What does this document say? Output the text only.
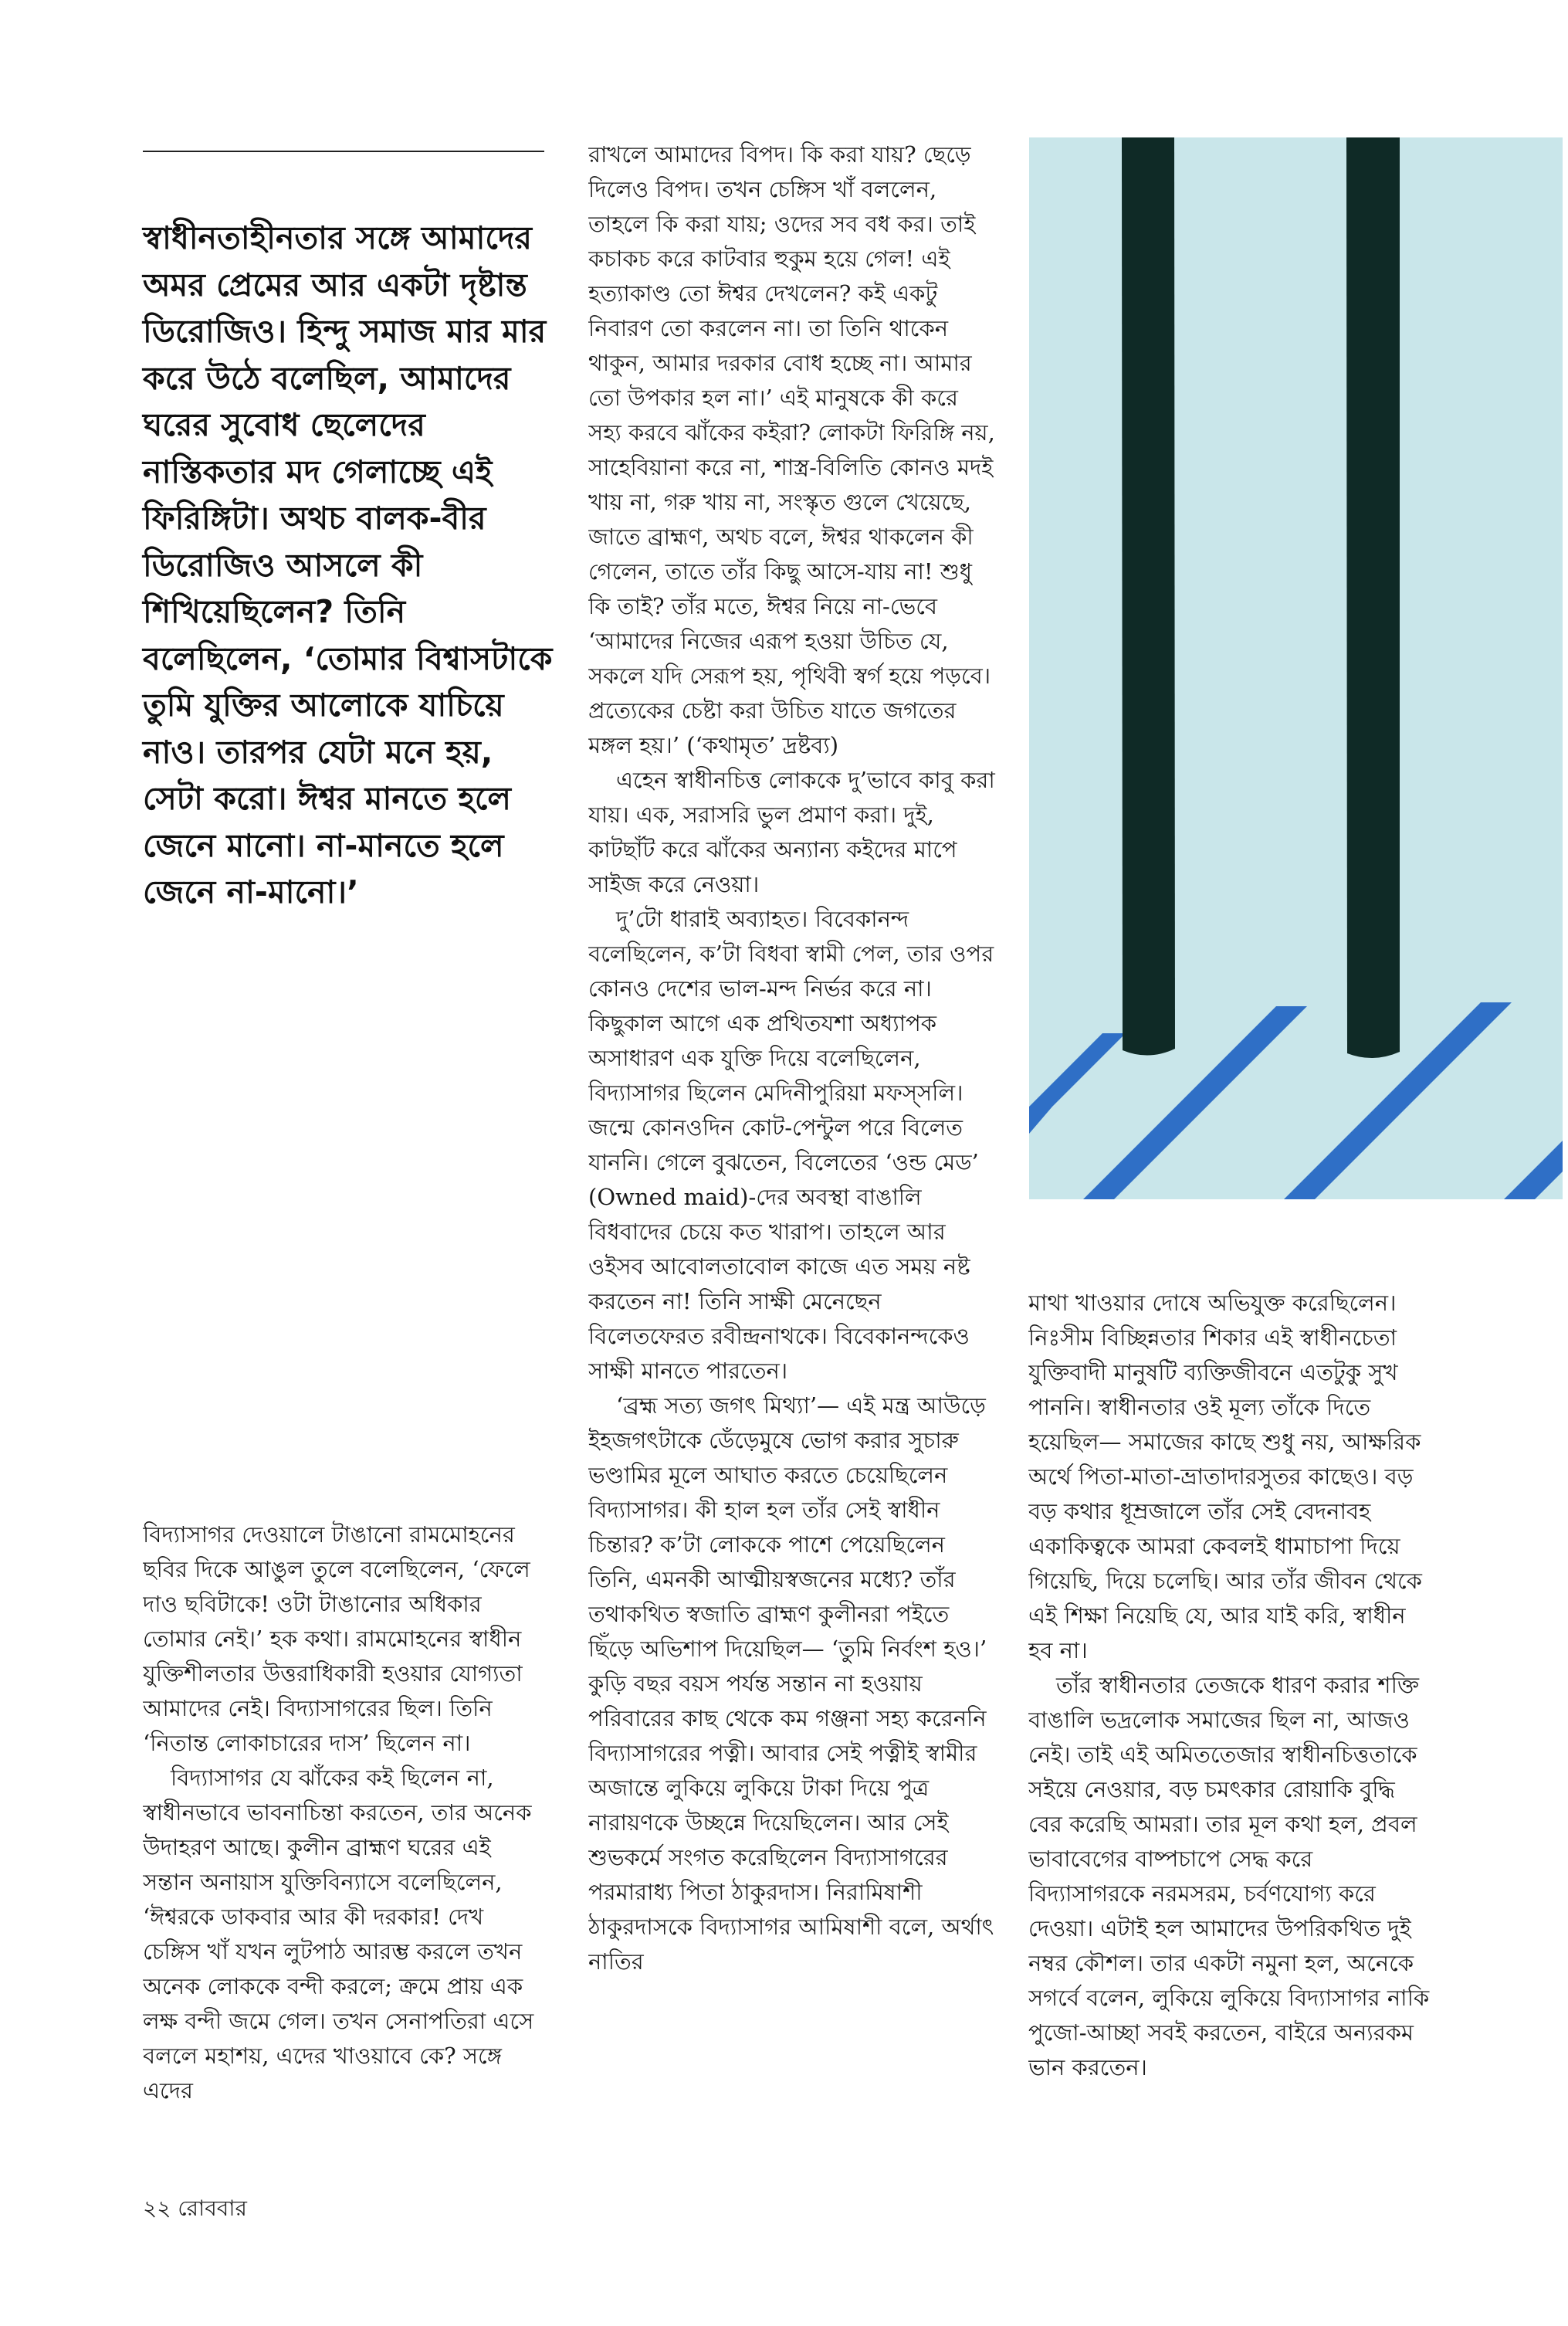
স্বাধীনতাহীনতার সঙ্গে আমাদের অমর প্রেমের আর একটা দৃষ্টান্ত ডিরোজিও। হিন্দু সমাজ মার মার করে উঠে বলেছিল, আমাদের ঘরের সুবোধ ছেলেদের নাস্তিকতার মদ গেলাচ্ছে এই ফিরিঙ্গিটা। অথচ বালক-বীর ডিরোজিও আসলে কী শিখিয়েছিলেন? তিনি বলেছিলেন, ‘তোমার বিশ্বাসটাকে তুমি যুক্তির আলোকে যাচিয়ে নাও। তারপর যেটা মনে হয়, সেটা করো। ঈশ্বর মানতে হলে জেনে মানো। না-মানতে হলে জেনে না-মানো।’

বিদ্যাসাগর দেওয়ালে টাঙানো রামমোহনের ছবির দিকে আঙুল তুলে বলেছিলেন, ‘ফেলে দাও ছবিটাকে! ওটা টাঙানোর অধিকার তোমার নেই।’ হক কথা। রামমোহনের স্বাধীন যুক্তিশীলতার উত্তরাধিকারী হওয়ার যোগ্যতা আমাদের নেই। বিদ্যাসাগরের ছিল। তিনি ‘নিতান্ত লোকাচারের দাস’ ছিলেন না।

বিদ্যাসাগর যে ঝাঁকের কই ছিলেন না, স্বাধীনভাবে ভাবনাচিন্তা করতেন, তার অনেক উদাহরণ আছে। কুলীন ব্রাহ্মণ ঘরের এই সন্তান অনায়াস যুক্তিবিন্যাসে বলেছিলেন, ‘ঈশ্বরকে ডাকবার আর কী দরকার! দেখ চেঙ্গিস খাঁ যখন লুটপাঠ আরম্ভ করলে তখন অনেক লোককে বন্দী করলে; ক্রমে প্রায় এক লক্ষ বন্দী জমে গেল। তখন সেনাপতিরা এসে বললে মহাশয়, এদের খাওয়াবে কে? সঙ্গে এদের

রাখলে আমাদের বিপদ। কি করা যায়? ছেড়ে দিলেও বিপদ। তখন চেঙ্গিস খাঁ বললেন, তাহলে কি করা যায়; ওদের সব বধ কর। তাই কচাকচ করে কাটবার হুকুম হয়ে গেল! এই হত্যাকাণ্ড তো ঈশ্বর দেখলেন? কই একটু নিবারণ তো করলেন না। তা তিনি থাকেন থাকুন, আমার দরকার বোধ হচ্ছে না। আমার তো উপকার হল না।’ এই মানুষকে কী করে সহ্য করবে ঝাঁকের কইরা? লোকটা ফিরিঙ্গি নয়, সাহেবিয়ানা করে না, শাস্ত্র-বিলিতি কোনও মদই খায় না, গরু খায় না, সংস্কৃত গুলে খেয়েছে, জাতে ব্রাহ্মণ, অথচ বলে, ঈশ্বর থাকলেন কী গেলেন, তাতে তাঁর কিছু আসে-যায় না! শুধু কি তাই? তাঁর মতে, ঈশ্বর নিয়ে না-ভেবে ‘আমাদের নিজের এরূপ হওয়া উচিত যে, সকলে যদি সেরূপ হয়, পৃথিবী স্বর্গ হয়ে পড়বে। প্রত্যেকের চেষ্টা করা উচিত যাতে জগতের মঙ্গল হয়।’ (‘কথামৃত’ দ্রষ্টব্য)

এহেন স্বাধীনচিত্ত লোককে দু’ভাবে কাবু করা যায়। এক, সরাসরি ভুল প্রমাণ করা। দুই, কাটছাঁট করে ঝাঁকের অন্যান্য কইদের মাপে সাইজ করে নেওয়া।

দু’টো ধারাই অব্যাহত। বিবেকানন্দ বলেছিলেন, ক’টা বিধবা স্বামী পেল, তার ওপর কোনও দেশের ভাল-মন্দ নির্ভর করে না। কিছুকাল আগে এক প্রথিতযশা অধ্যাপক অসাধারণ এক যুক্তি দিয়ে বলেছিলেন, বিদ্যাসাগর ছিলেন মেদিনীপুরিয়া মফস্সলি। জন্মে কোনওদিন কোট-পেন্টুল পরে বিলেত যাননি। গেলে বুঝতেন, বিলেতের ‘ওন্ড মেড’ (Owned maid)-দের অবস্থা বাঙালি বিধবাদের চেয়ে কত খারাপ। তাহলে আর ওইসব আবোলতাবোল কাজে এত সময় নষ্ট করতেন না! তিনি সাক্ষী মেনেছেন বিলেতফেরত রবীন্দ্রনাথকে। বিবেকানন্দকেও সাক্ষী মানতে পারতেন।

‘ব্রহ্ম সত্য জগৎ মিথ্যা’— এই মন্ত্র আউড়ে ইহজগৎটাকে ডেঁড়েমুষে ভোগ করার সুচারু ভণ্ডামির মূলে আঘাত করতে চেয়েছিলেন বিদ্যাসাগর। কী হাল হল তাঁর সেই স্বাধীন চিন্তার? ক’টা লোককে পাশে পেয়েছিলেন তিনি, এমনকী আত্মীয়স্বজনের মধ্যে? তাঁর তথাকথিত স্বজাতি ব্রাহ্মণ কুলীনরা পইতে ছিঁড়ে অভিশাপ দিয়েছিল— ‘তুমি নির্বংশ হও।’ কুড়ি বছর বয়স পর্যন্ত সন্তান না হওয়ায় পরিবারের কাছ থেকে কম গঞ্জনা সহ্য করেননি বিদ্যাসাগরের পত্নী। আবার সেই পত্নীই স্বামীর অজান্তে লুকিয়ে লুকিয়ে টাকা দিয়ে পুত্র নারায়ণকে উচ্ছন্নে দিয়েছিলেন। আর সেই শুভকর্মে সংগত করেছিলেন বিদ্যাসাগরের পরমারাধ্য পিতা ঠাকুরদাস। নিরামিষাশী ঠাকুরদাসকে বিদ্যাসাগর আমিষাশী বলে, অর্থাৎ নাতির

মাথা খাওয়ার দোষে অভিযুক্ত করেছিলেন। নিঃসীম বিচ্ছিন্নতার শিকার এই স্বাধীনচেতা যুক্তিবাদী মানুষটি ব্যক্তিজীবনে এতটুকু সুখ পাননি। স্বাধীনতার ওই মূল্য তাঁকে দিতে হয়েছিল— সমাজের কাছে শুধু নয়, আক্ষরিক অর্থে পিতা-মাতা-ভ্রাতাদারসুতর কাছেও। বড় বড় কথার ধূম্রজালে তাঁর সেই বেদনাবহ একাকিত্বকে আমরা কেবলই ধামাচাপা দিয়ে গিয়েছি, দিয়ে চলেছি। আর তাঁর জীবন থেকে এই শিক্ষা নিয়েছি যে, আর যাই করি, স্বাধীন হব না।

তাঁর স্বাধীনতার তেজকে ধারণ করার শক্তি বাঙালি ভদ্রলোক সমাজের ছিল না, আজও নেই। তাই এই অমিততেজার স্বাধীনচিত্ততাকে সইয়ে নেওয়ার, বড় চমৎকার রোয়াকি বুদ্ধি বের করেছি আমরা। তার মূল কথা হল, প্রবল ভাবাবেগের বাষ্পচাপে সেদ্ধ করে বিদ্যাসাগরকে নরমসরম, চর্বণযোগ্য করে দেওয়া। এটাই হল আমাদের উপরিকথিত দুই নম্বর কৌশল। তার একটা নমুনা হল, অনেকে সগর্বে বলেন, লুকিয়ে লুকিয়ে বিদ্যাসাগর নাকি পুজো-আচ্ছা সবই করতেন, বাইরে অন্যরকম ভান করতেন।

২২ রোববার
